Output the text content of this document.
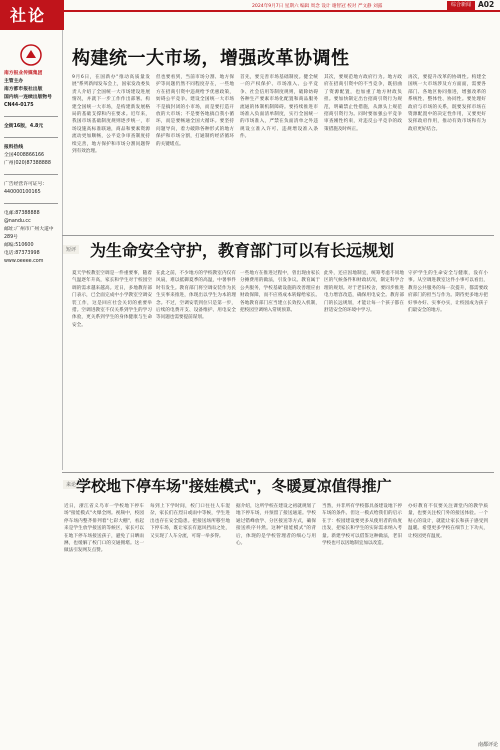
社论	2024年9月7日 星期六 编辑 周念 设计 谢智冠 校对 严文静 刘露	综合新闻 A02
南方报业传媒集团
主管主办
南方都市报社出版
国内统一连续出版物号
CN44-0175
全街16版，4.8元
报料热线
全国4008866166
广州(020)87388888
广告经营许可证号：
440000100165
电邮:87388888
@nandu.cc
邮址:广州市广州大道中289号
邮编:510600
电话:87373998
www.oeeee.com
构建统一大市场，增强改革协调性
9月6日，在国新办"推动高质量发展"系列新闻发布会上，国家发改委负责人介绍了全国统一大市场建设进展情况，并就下一步工作作出部署。构建全国统一大市场，是构建新发展格局的基础支撑和内在要求。近年来，我国市场基础制度规则逐步统一，市场设施高标准联通，商品和要素资源流动更加顺畅，公平竞争审查制度持续完善，地方保护和市场分割问题得到有效治理。
但也要看到，当前市场分割、地方保护等问题仍然不同程度存在，一些地方在招商引资中违规给予优惠政策，妨碍公平竞争。建设全国统一大市场不是搞封闭的小市场，而是要打造开放的大市场；不是要各地搞自我小循环，而是要畅通全国大循环。要坚持问题导向，着力破除各种形式的地方保护和市场分割，打通制约经济循环的关键堵点。
首先，要完善市场基础制度。健全统一的产权保护、市场准入、公平竞争、社会信用等制度规则，破除妨碍各种生产要素市场化配置和商品服务流通的体制机制障碍。要持续推进市场准入负面清单制度，实行全国统一的市场准入，严禁在负面清单之外违规设立准入许可、违规增设准入条件。
其次，要规范地方政府行为。地方政府在招商引资中的不当竞争，既扭曲了资源配置，也加重了地方财政负担。要加快制定出台招商引资行为规范，明确禁止性措施，从源头上规范招商引资行为。同时要加强公平竞争审查刚性约束，对违反公平竞争的政策措施及时纠正。
再次，要提升改革的协调性。构建全国统一大市场涉及方方面面，需要各部门、各地区协同推进，增强改革的系统性、整体性、协同性。要处理好政府与市场的关系，既要发挥市场在资源配置中的决定性作用，又要更好发挥政府作用，推动有效市场和有为政府更好结合。
短评 为生命安全守护，教育部门可以有长远规划
夏天学校教室空调是一件重要事，随着气温逐年升高，家长和学生对于校园空调的需求越来越高。近日，多地教育部门表示，已全面完成中小学教室空调安装工作，这是回应社会关切的重要举措。空调进教室不仅关系到学生的学习体验，更关系到学生的身体健康与生命安全。
在此之前，不少地方的学校教室内仅有风扇，难以抵御夏季的高温，中暑事件时有发生。教育部门将空调安装作为民生实事来推进，体现出以学生为本的理念。不过，空调安装到位只是第一步，后续的电费开支、设备维护、用电安全等问题也需要提前谋划。
一些地方在推进过程中，曾出现由家长分摊费用的做法，引发争议。教育属于公共服务，学校基础设施的改善理应由财政保障，而不应将成本转嫁给家长。各地教育部门应当建立长效投入机制，把校园空调纳入常规预算。
此外，还应因地制宜，统筹考虑不同地区的气候条件和财政状况，制定科学合理的规划。对于老旧校舍，要同步推进电力增容改造，确保用电安全。教育部门的长远规划，才能让每一个孩子都在舒适安全的环境中学习。
守护学生的生命安全与健康，没有小事。从空调进教室这件小事可以看出，教育公共服务的每一次提升，都需要政府部门的担当与作为。期待更多地方把好事办好、实事办实，让校园成为孩子们最安全的地方。
来论 学校地下停车场"接娃模式"，冬暖夏凉值得推广
近日，浙江省义乌市一学校地下停车场"接娃模式"火爆全网。视频中，校园停车场内整齐排列着"七彩大棚"，看起来是学生放学接送的等候区，家长可以在地下停车场接送孩子，避免了日晒雨淋，也缓解了校门口的交通拥堵。这一做法引发网友点赞。
每到上下学时间，校门口往往人车混杂，家长们在烈日或雨中等候，学生进出也存在安全隐患。把接送场所移至地下停车场，既让家长有遮风挡雨之处，又实现了人车分流，可谓一举多得。
据介绍，这所学校在建设之初就规划了地下停车场，并预留了接送通道。学校通过错峰放学、分区接送等方式，确保接送秩序井然。这种"接娃模式"的背后，体现的是学校管理者的细心与用心。
当然，并非所有学校都具备建设地下停车场的条件。但这一模式给我们的启示在于：校园建设要更多从使用者的角度出发，把家长和学生的实际需求纳入考量。新建学校可以借鉴这种做法，老旧学校也可以因地制宜加以改造。
办好教育不仅要关注课堂内的教学质量，也要关注校门外的接送体验。一个贴心的设计，就能让家长和孩子感受到温暖。希望更多学校在细节上下功夫，让校园更有温度。
南都评论
